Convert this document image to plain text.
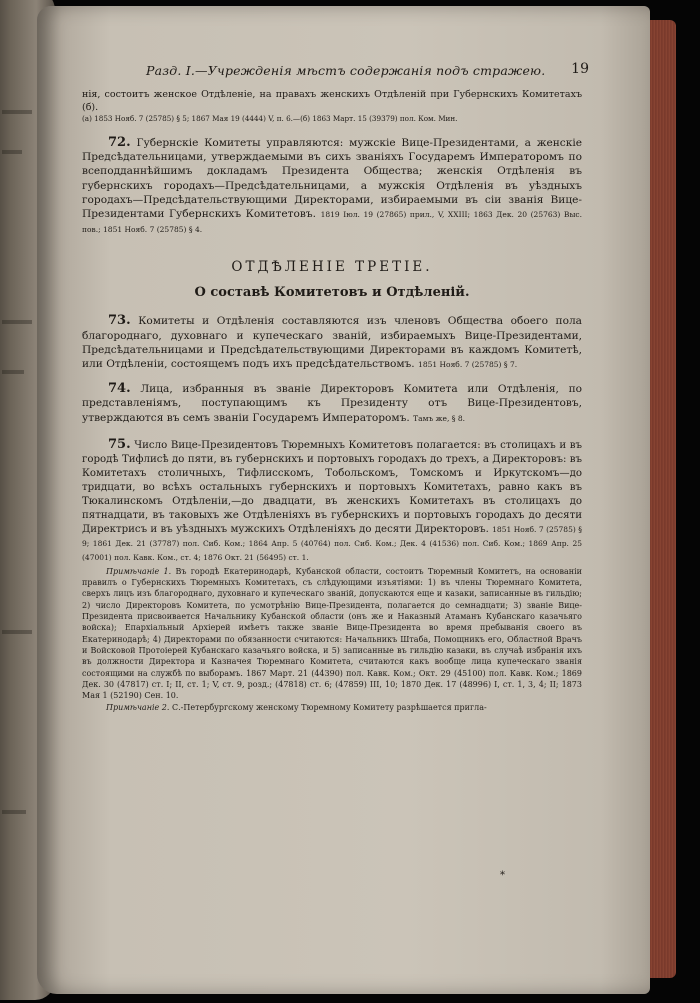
Разд. I.—Учрежденія мѣстъ содержанія подъ стражею. 19

нія, состоитъ женское Отдѣленіе, на правахъ женскихъ Отдѣленій при Губернскихъ Комитетахъ (б).

(а) 1853 Нояб. 7 (25785) § 5; 1867 Мая 19 (4444) V, п. 6.—(б) 1863 Март. 15 (39379) пол. Ком. Мин.

72. Губернскіе Комитеты управляются: мужскіе Вице-Президентами, а женскіе Предсѣдательницами, утверждаемыми въ сихъ званіяхъ Государемъ Императоромъ по всеподданнѣйшимъ докладамъ Президента Общества; женскія Отдѣленія въ губернскихъ городахъ—Предсѣдательницами, а мужскія Отдѣленія въ уѣздныхъ городахъ—Предсѣдательствующими Директорами, избираемыми въ сіи званія Вице-Президентами Губернскихъ Комитетовъ. 1819 Іюл. 19 (27865) прил., V, XXIII; 1863 Дек. 20 (25763) Выс. пов.; 1851 Нояб. 7 (25785) § 4.

ОТДѢЛЕНІЕ ТРЕТІЕ.
О составѣ Комитетовъ и Отдѣленій.

73. Комитеты и Отдѣленія составляются изъ членовъ Общества обоего пола благороднаго, духовнаго и купеческаго званій, избираемыхъ Вице-Президентами, Предсѣдательницами и Предсѣдательствующими Директорами въ каждомъ Комитетѣ, или Отдѣленіи, состоящемъ подъ ихъ предсѣдательствомъ. 1851 Нояб. 7 (25785) § 7.

74. Лица, избранныя въ званіе Директоровъ Комитета или Отдѣленія, по представленіямъ, поступающимъ къ Президенту отъ Вице-Президентовъ, утверждаются въ семъ званіи Государемъ Императоромъ. Тамъ же, § 8.

75. Число Вице-Президентовъ Тюремныхъ Комитетовъ полагается: въ столицахъ и въ городѣ Тифлисѣ до пяти, въ губернскихъ и портовыхъ городахъ до трехъ, а Директоровъ: въ Комитетахъ столичныхъ, Тифлисскомъ, Тобольскомъ, Томскомъ и Иркутскомъ—до тридцати, во всѣхъ остальныхъ губернскихъ и портовыхъ Комитетахъ, равно какъ въ Тюкалинскомъ Отдѣленіи,—до двадцати, въ женскихъ Комитетахъ въ столицахъ до пятнадцати, въ таковыхъ же Отдѣленіяхъ въ губернскихъ и портовыхъ городахъ до десяти Директрисъ и въ уѣздныхъ мужскихъ Отдѣленіяхъ до десяти Директоровъ. 1851 Нояб. 7 (25785) § 9; 1861 Дек. 21 (37787) пол. Сиб. Ком.; 1864 Апр. 5 (40764) пол. Сиб. Ком.; Дек. 4 (41536) пол. Сиб. Ком.; 1869 Апр. 25 (47001) пол. Кавк. Ком., ст. 4; 1876 Окт. 21 (56495) ст. 1.

Примѣчаніе 1. Въ городѣ Екатеринодарѣ, Кубанской области, состоитъ Тюремный Комитетъ, на основаніи правилъ о Губернскихъ Тюремныхъ Комитетахъ, съ слѣдующими изъятіями: 1) въ члены Тюремнаго Комитета, сверхъ лицъ изъ благороднаго, духовнаго и купеческаго званій, допускаются еще и казаки, записанные въ гильдію; 2) число Директоровъ Комитета, по усмотрѣнію Вице-Президента, полагается до семнадцати; 3) званіе Вице-Президента присвоивается Начальнику Кубанской области (онъ же и Наказный Атаманъ Кубанскаго казачьяго войска); Епархіальный Архіерей имѣетъ также званіе Вице-Президента во время пребыванія своего въ Екатеринодарѣ; 4) Директорами по обязанности считаются: Начальникъ Штаба, Помощникъ его, Областной Врачъ и Войсковой Протоіерей Кубанскаго казачьяго войска, и 5) записанные въ гильдію казаки, въ случаѣ избранія ихъ въ должности Директора и Казначея Тюремнаго Комитета, считаются какъ вообще лица купеческаго званія состоящими на службѣ по выборамъ. 1867 Март. 21 (44390) пол. Кавк. Ком.; Окт. 29 (45100) пол. Кавк. Ком.; 1869 Дек. 30 (47817) ст. I; II, ст. 1; V, ст. 9, розд.; (47818) ст. 6; (47859) III, 10; 1870 Дек. 17 (48996) I, ст. 1, 3, 4; II; 1873 Мая 1 (52190) Сен. 10.

Примѣчаніе 2. С.-Петербургскому женскому Тюремному Комитету разрѣшается пригла-

*
